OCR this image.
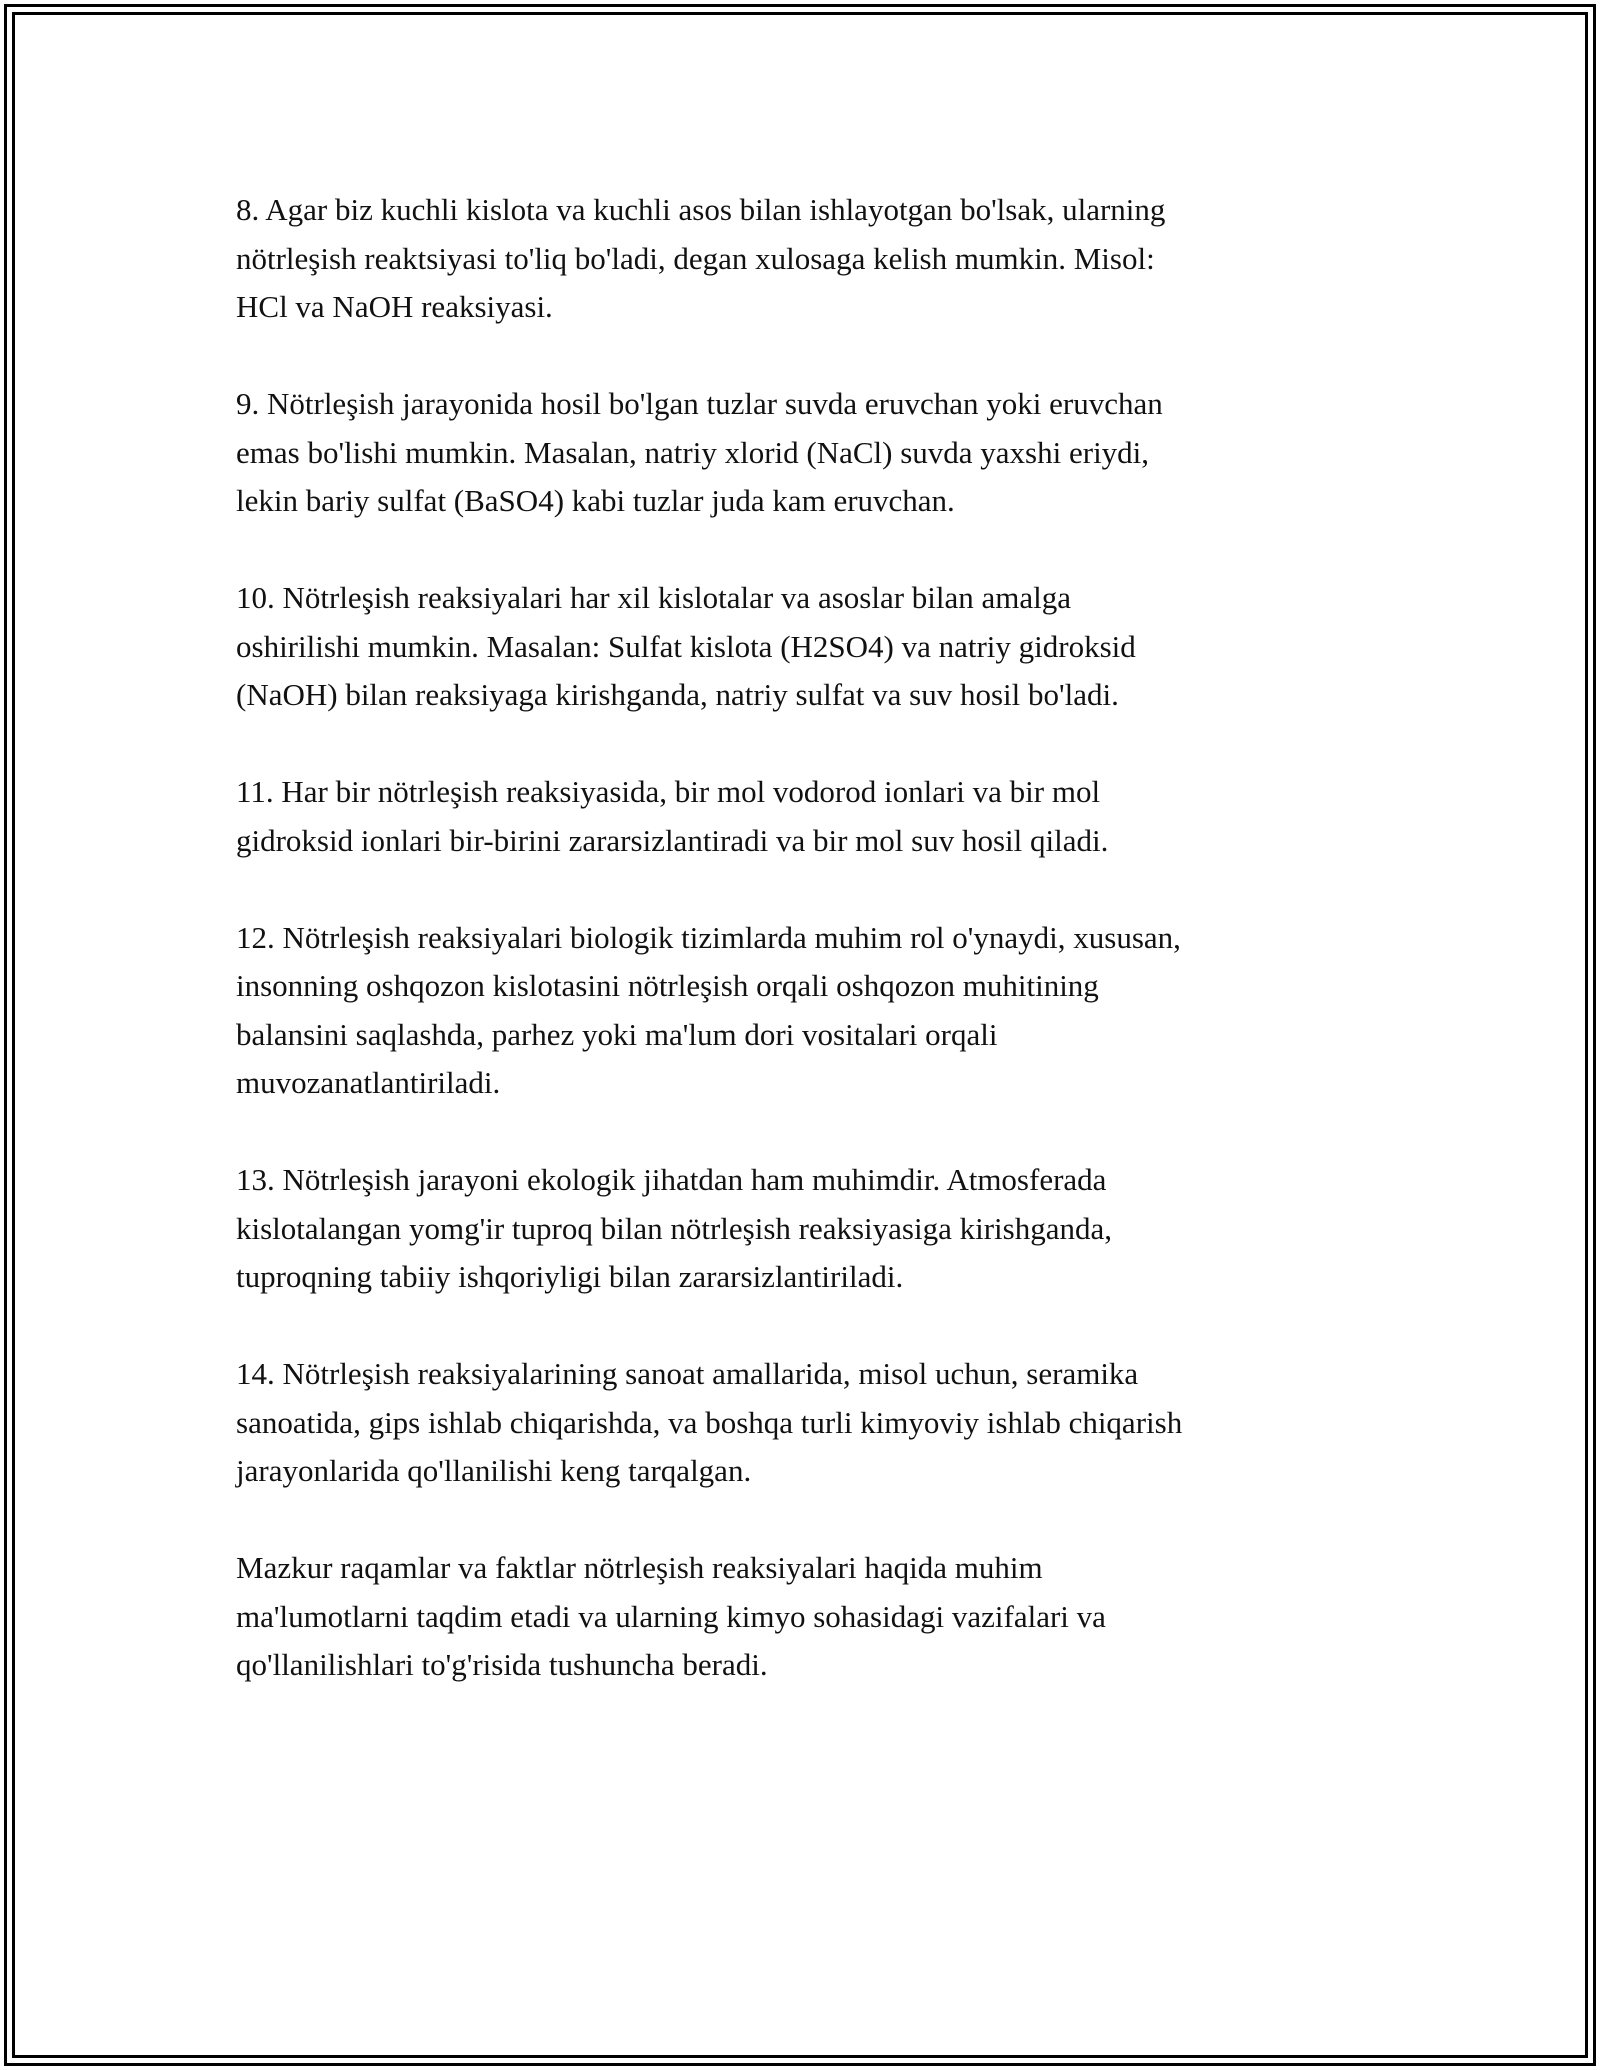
8. Agar biz kuchli kislota va kuchli asos bilan ishlayotgan bo'lsak, ularning
nötrleşish reaktsiyasi to'liq bo'ladi, degan xulosaga kelish mumkin. Misol:
HCl va NaOH reaksiyasi.

9. Nötrleşish jarayonida hosil bo'lgan tuzlar suvda eruvchan yoki eruvchan
emas bo'lishi mumkin. Masalan, natriy xlorid (NaCl) suvda yaxshi eriydi,
lekin bariy sulfat (BaSO4) kabi tuzlar juda kam eruvchan.

10. Nötrleşish reaksiyalari har xil kislotalar va asoslar bilan amalga
oshirilishi mumkin. Masalan: Sulfat kislota (H2SO4) va natriy gidroksid
(NaOH) bilan reaksiyaga kirishganda, natriy sulfat va suv hosil bo'ladi.

11. Har bir nötrleşish reaksiyasida, bir mol vodorod ionlari va bir mol
gidroksid ionlari bir-birini zararsizlantiradi va bir mol suv hosil qiladi.

12. Nötrleşish reaksiyalari biologik tizimlarda muhim rol o'ynaydi, xususan,
insonning oshqozon kislotasini nötrleşish orqali oshqozon muhitining
balansini saqlashda, parhez yoki ma'lum dori vositalari orqali
muvozanatlantiriladi.

13. Nötrleşish jarayoni ekologik jihatdan ham muhimdir. Atmosferada
kislotalangan yomg'ir tuproq bilan nötrleşish reaksiyasiga kirishganda,
tuproqning tabiiy ishqoriyligi bilan zararsizlantiriladi.

14. Nötrleşish reaksiyalarining sanoat amallarida, misol uchun, seramika
sanoatida, gips ishlab chiqarishda, va boshqa turli kimyoviy ishlab chiqarish
jarayonlarida qo'llanilishi keng tarqalgan.

Mazkur raqamlar va faktlar nötrleşish reaksiyalari haqida muhim
ma'lumotlarni taqdim etadi va ularning kimyo sohasidagi vazifalari va
qo'llanilishlari to'g'risida tushuncha beradi.
